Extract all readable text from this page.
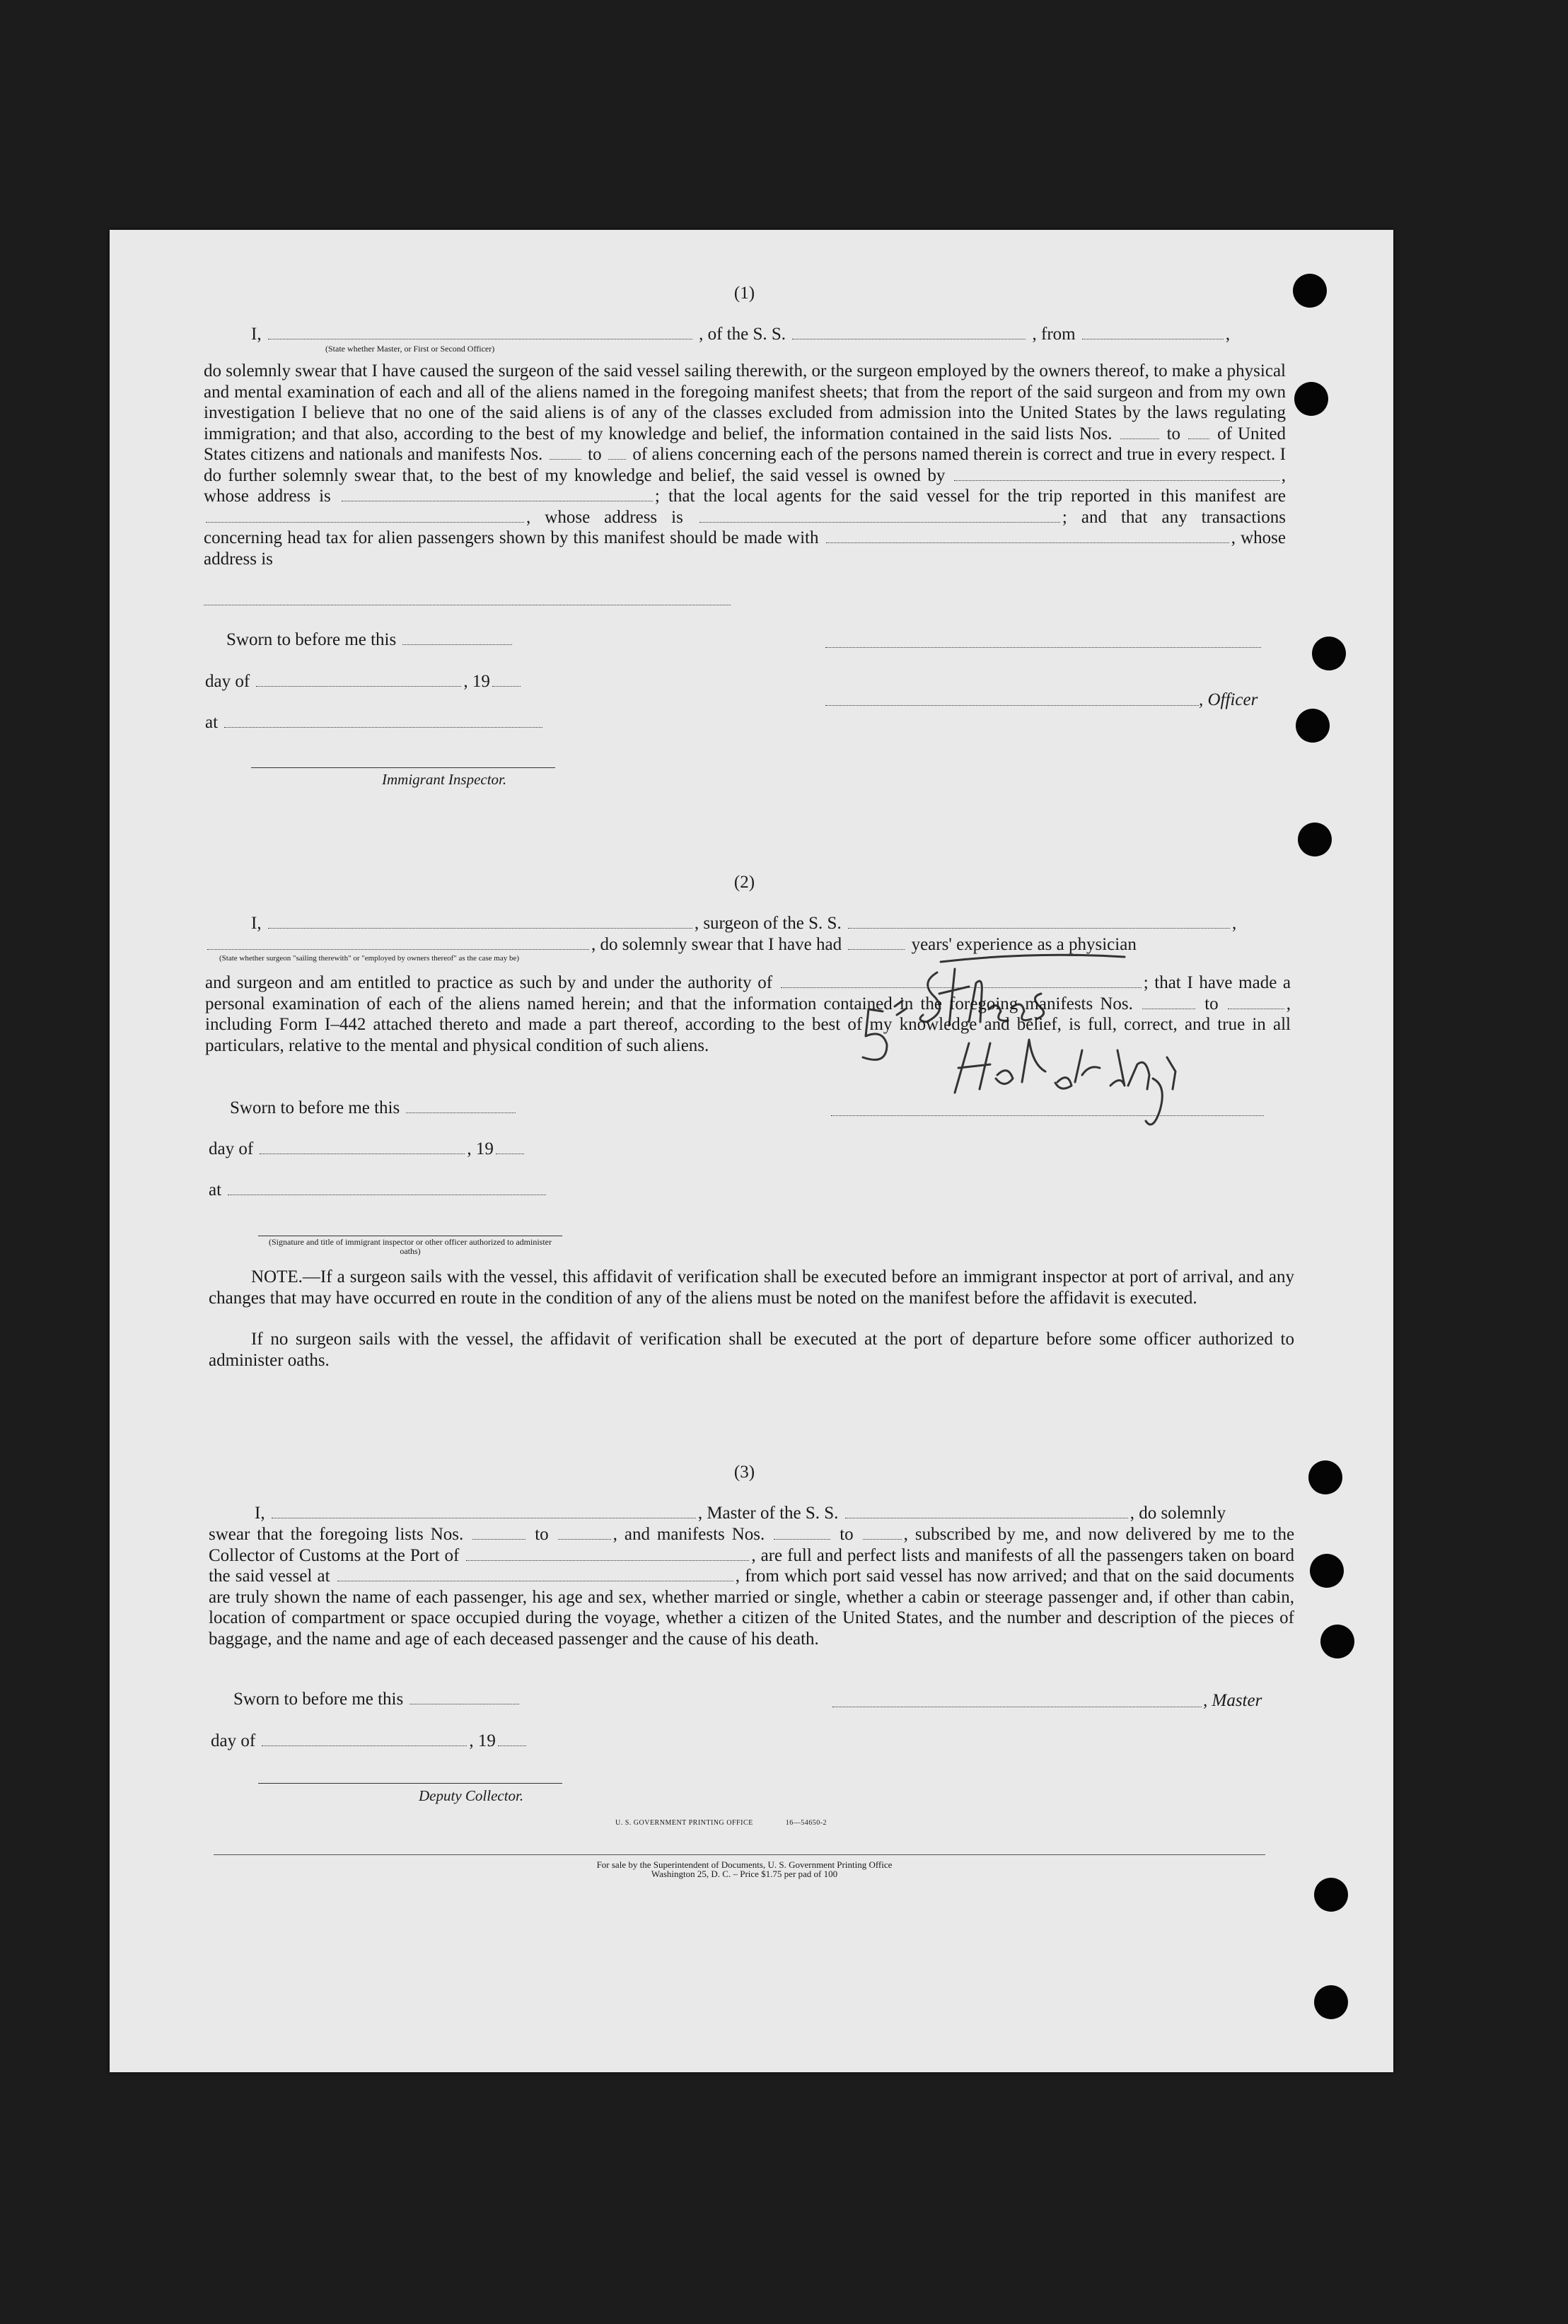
(1)
I,	, of the S. S.	, from	,
(State whether Master, or First or Second Officer)
do solemnly swear that I have caused the surgeon of the said vessel sailing therewith, or the surgeon employed by the owners thereof, to make a physical and mental examination of each and all of the aliens named in the foregoing manifest sheets; that from the report of the said surgeon and from my own investigation I believe that no one of the said aliens is of any of the classes excluded from admission into the United States by the laws regulating immigration; and that also, according to the best of my knowledge and belief, the information contained in the said lists Nos.	to of United States citizens and nationals and manifests Nos.	to of aliens concerning each of the persons named therein is correct and true in every respect. I do further solemnly swear that, to the best of my knowledge and belief, the said vessel is owned by	, whose address is	; that the local agents for the said vessel for the trip reported in this manifest are , whose address is	; and that any transactions concerning head tax for alien passengers shown by this manifest should be made with	, whose address is
Sworn to before me this
day of	, 19
, Officer
at
Immigrant Inspector.
(2)
I,	, surgeon of the S. S.	,
, do solemnly swear that I have had	years' experience as a physician
(State whether surgeon "sailing therewith" or "employed by owners thereof" as the case may be)
and surgeon and am entitled to practice as such by and under the authority of	; that I have made a personal examination of each of the aliens named herein; and that the information contained in the foregoing manifests Nos.	to	, including Form I–442 attached thereto and made a part thereof, according to the best of my knowledge and belief, is full, correct, and true in all particulars, relative to the mental and physical condition of such aliens.
Sworn to before me this
day of	, 19
at
(Signature and title of immigrant inspector or other officer authorized to administer oaths)
NOTE.—If a surgeon sails with the vessel, this affidavit of verification shall be executed before an immigrant inspector at port of arrival, and any changes that may have occurred en route in the condition of any of the aliens must be noted on the manifest before the affidavit is executed.
If no surgeon sails with the vessel, the affidavit of verification shall be executed at the port of departure before some officer authorized to administer oaths.
(3)
I,	, Master of the S. S.	, do solemnly
swear that the foregoing lists Nos.	to	, and manifests Nos.	to	, subscribed by me, and now delivered by me to the Collector of Customs at the Port of	, are full and perfect lists and manifests of all the passengers taken on board the said vessel at	, from which port said vessel has now arrived; and that on the said documents are truly shown the name of each passenger, his age and sex, whether married or single, whether a cabin or steerage passenger and, if other than cabin, location of compartment or space occupied during the voyage, whether a citizen of the United States, and the number and description of the pieces of baggage, and the name and age of each deceased passenger and the cause of his death.
Sworn to before me this	, Master
day of	, 19
Deputy Collector.
U. S. GOVERNMENT PRINTING OFFICE	16—54650-2
For sale by the Superintendent of Documents, U. S. Government Printing Office
Washington 25, D. C. – Price $1.75 per pad of 100
